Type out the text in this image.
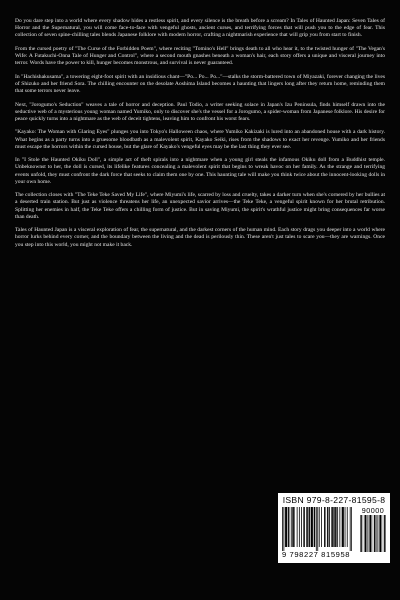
Do you dare step into a world where every shadow hides a restless spirit, and every silence is the breath before a scream? In Tales of Haunted Japan: Seven Tales of Horror and the Supernatural, you will come face-to-face with vengeful ghosts, ancient curses, and terrifying forces that will push you to the edge of fear. This collection of seven spine-chilling tales blends Japanese folklore with modern horror, crafting a nightmarish experience that will grip you from start to finish.

From the cursed poetry of "The Curse of the Forbidden Poem", where reciting "Tomino's Hell" brings death to all who hear it, to the twisted hunger of "The Vegan's Wife: A Futakuchi-Onna Tale of Hunger and Control", where a second mouth gnashes beneath a woman's hair, each story offers a unique and visceral journey into terror. Words have the power to kill, hunger becomes monstrous, and survival is never guaranteed.

In "Hachishakusama", a towering eight-foot spirit with an insidious chant—"Po... Po... Po..."—stalks the storm-battered town of Miyazaki, forever changing the lives of Shizuko and her friend Sora. The chilling encounter on the desolate Aoshima Island becomes a haunting that lingers long after they return home, reminding them that some terrors never leave.

Next, "Jorogumo's Seduction" weaves a tale of horror and deception. Paul Todio, a writer seeking solace in Japan's Izu Peninsula, finds himself drawn into the seductive web of a mysterious young woman named Yumiko, only to discover she's the vessel for a Jorogumo, a spider-woman from Japanese folklore. His desire for peace quickly turns into a nightmare as the web of deceit tightens, leaving him to confront his worst fears.

"Kayako: The Woman with Glaring Eyes" plunges you into Tokyo's Halloween chaos, where Yumiko Kakizaki is lured into an abandoned house with a dark history. What begins as a party turns into a gruesome bloodbath as a malevolent spirit, Kayako Seiki, rises from the shadows to exact her revenge. Yumiko and her friends must escape the horrors within the cursed house, but the glare of Kayako's vengeful eyes may be the last thing they ever see.

In "I Stole the Haunted Okiku Doll", a simple act of theft spirals into a nightmare when a young girl steals the infamous Okiku doll from a Buddhist temple. Unbeknownst to her, the doll is cursed, its lifelike features concealing a malevolent spirit that begins to wreak havoc on her family. As the strange and terrifying events unfold, they must confront the dark force that seeks to claim them one by one. This haunting tale will make you think twice about the innocent-looking dolls in your own home.

The collection closes with "The Teke Teke Saved My Life", where Miyumi's life, scarred by loss and cruelty, takes a darker turn when she's cornered by her bullies at a deserted train station. But just as violence threatens her life, an unexpected savior arrives—the Teke Teke, a vengeful spirit known for her brutal retribution. Splitting her enemies in half, the Teke Teke offers a chilling form of justice. But in saving Miyumi, the spirit's wrathful justice might bring consequences far worse than death.

Tales of Haunted Japan is a visceral exploration of fear, the supernatural, and the darkest corners of the human mind. Each story drags you deeper into a world where horror lurks behind every corner, and the boundary between the living and the dead is perilously thin. These aren't just tales to scare you—they are warnings. Once you step into this world, you might not make it back.

ISBN 979-8-227-81595-8
90000
9 798227 815958
